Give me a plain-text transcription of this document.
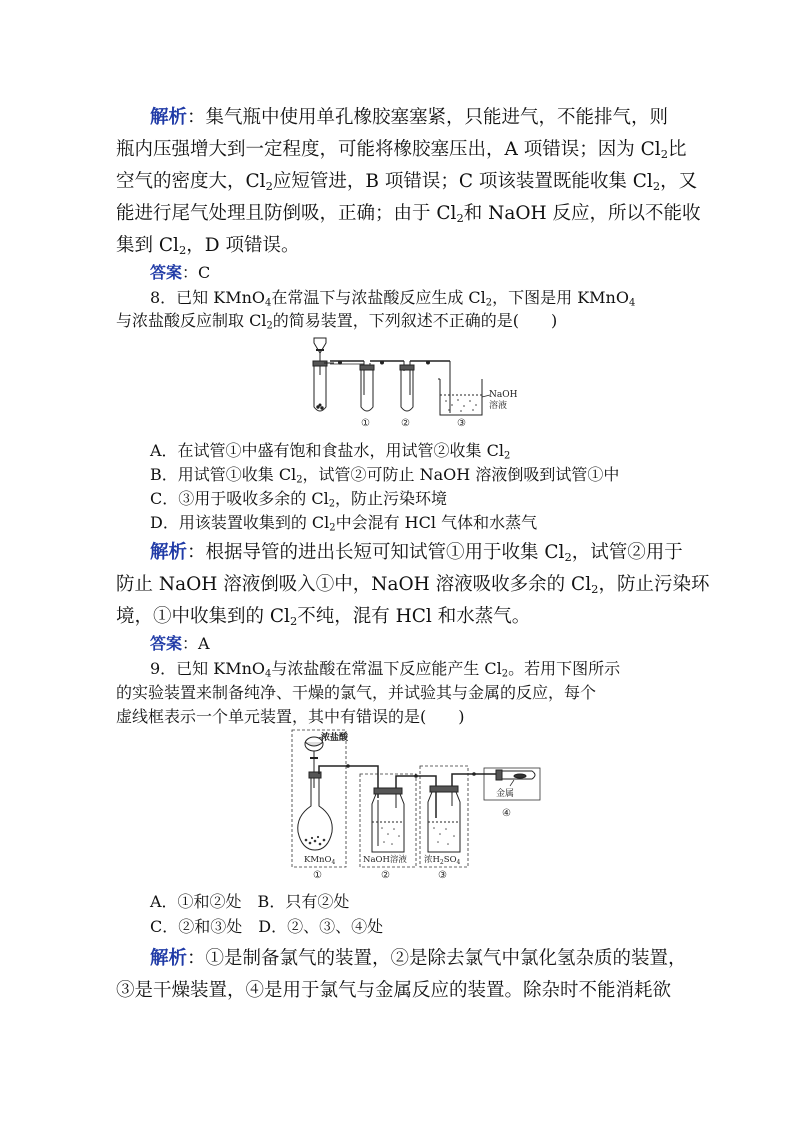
解析：集气瓶中使用单孔橡胶塞塞紧，只能进气，不能排气，则
瓶内压强增大到一定程度，可能将橡胶塞压出，A 项错误；因为 $Cl_2$比
空气的密度大，$Cl_2$应短管进，B 项错误；C 项该装置既能收集 $Cl_2$，又
能进行尾气处理且防倒吸，正确；由于 $Cl_2$和 NaOH 反应，所以不能收
集到 $Cl_2$，D 项错误。
答案：C
8．已知 KMnO$_4$在常温下与浓盐酸反应生成 $Cl_2$，下图是用 KMnO$_4$
与浓盐酸反应制取 $Cl_2$的简易装置，下列叙述不正确的是(　　)
NaOH
溶液
①	②	③
A．在试管①中盛有饱和食盐水，用试管②收集 $Cl_2$
B．用试管①收集 $Cl_2$，试管②可防止 NaOH 溶液倒吸到试管①中
C．③用于吸收多余的 $Cl_2$，防止污染环境
D．用该装置收集到的 $Cl_2$中会混有 HCl 气体和水蒸气
解析：根据导管的进出长短可知试管①用于收集 $Cl_2$，试管②用于
防止 NaOH 溶液倒吸入①中，NaOH 溶液吸收多余的 $Cl_2$，防止污染环
境，①中收集到的 $Cl_2$不纯，混有 HCl 和水蒸气。
答案：A
9．已知 KMnO$_4$与浓盐酸在常温下反应能产生 $Cl_2$。若用下图所示
的实验装置来制备纯净、干燥的氯气，并试验其与金属的反应，每个
虚线框表示一个单元装置，其中有错误的是(　　)
浓盐酸
KMnO$_4$	NaOH溶液 浓$H_2SO_4$
金属
①	②	③
④
A．①和②处　B．只有②处
C．②和③处　D．②、③、④处
解析：①是制备氯气的装置，②是除去氯气中氯化氢杂质的装置，
③是干燥装置，④是用于氯气与金属反应的装置。除杂时不能消耗欲
